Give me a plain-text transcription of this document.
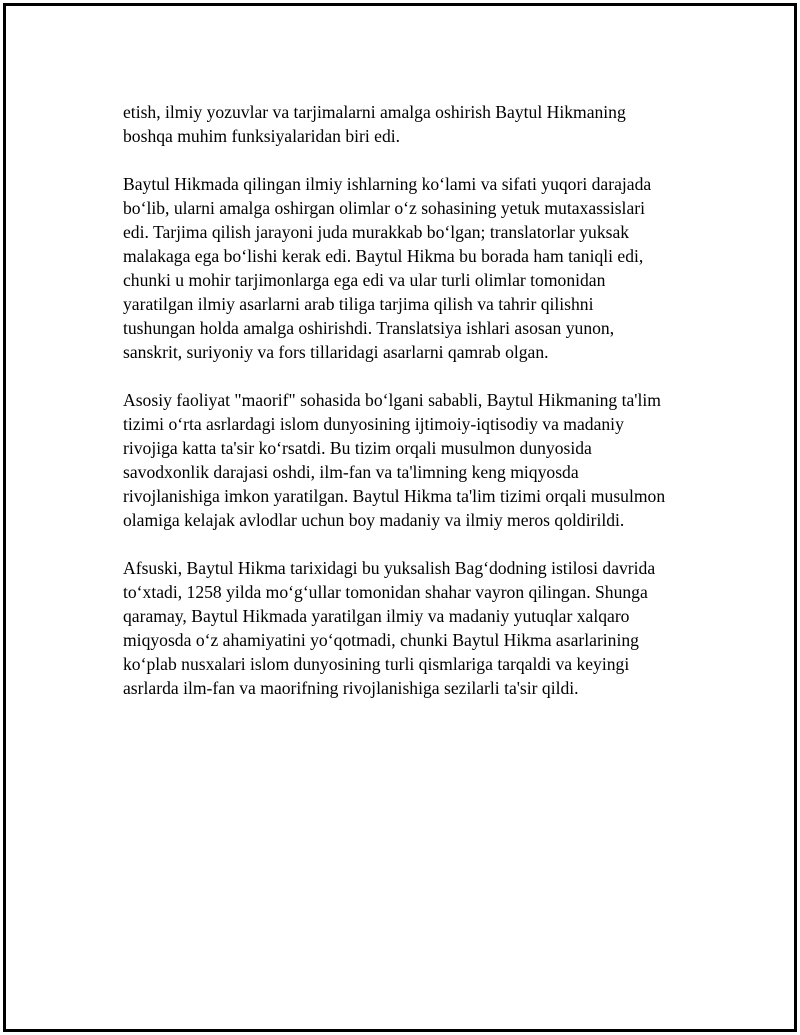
etish, ilmiy yozuvlar va tarjimalarni amalga oshirish Baytul Hikmaning
boshqa muhim funksiyalaridan biri edi.

Baytul Hikmada qilingan ilmiy ishlarning koʻlami va sifati yuqori darajada
boʻlib, ularni amalga oshirgan olimlar oʻz sohasining yetuk mutaxassislari
edi. Tarjima qilish jarayoni juda murakkab boʻlgan; translatorlar yuksak
malakaga ega boʻlishi kerak edi. Baytul Hikma bu borada ham taniqli edi,
chunki u mohir tarjimonlarga ega edi va ular turli olimlar tomonidan
yaratilgan ilmiy asarlarni arab tiliga tarjima qilish va tahrir qilishni
tushungan holda amalga oshirishdi. Translatsiya ishlari asosan yunon,
sanskrit, suriyoniy va fors tillaridagi asarlarni qamrab olgan.

Asosiy faoliyat "maorif" sohasida boʻlgani sababli, Baytul Hikmaning ta'lim
tizimi oʻrta asrlardagi islom dunyosining ijtimoiy-iqtisodiy va madaniy
rivojiga katta ta'sir koʻrsatdi. Bu tizim orqali musulmon dunyosida
savodxonlik darajasi oshdi, ilm-fan va ta'limning keng miqyosda
rivojlanishiga imkon yaratilgan. Baytul Hikma ta'lim tizimi orqali musulmon
olamiga kelajak avlodlar uchun boy madaniy va ilmiy meros qoldirildi.

Afsuski, Baytul Hikma tarixidagi bu yuksalish Bagʻdodning istilosi davrida
toʻxtadi, 1258 yilda moʻgʻullar tomonidan shahar vayron qilingan. Shunga
qaramay, Baytul Hikmada yaratilgan ilmiy va madaniy yutuqlar xalqaro
miqyosda oʻz ahamiyatini yoʻqotmadi, chunki Baytul Hikma asarlarining
koʻplab nusxalari islom dunyosining turli qismlariga tarqaldi va keyingi
asrlarda ilm-fan va maorifning rivojlanishiga sezilarli ta'sir qildi.
